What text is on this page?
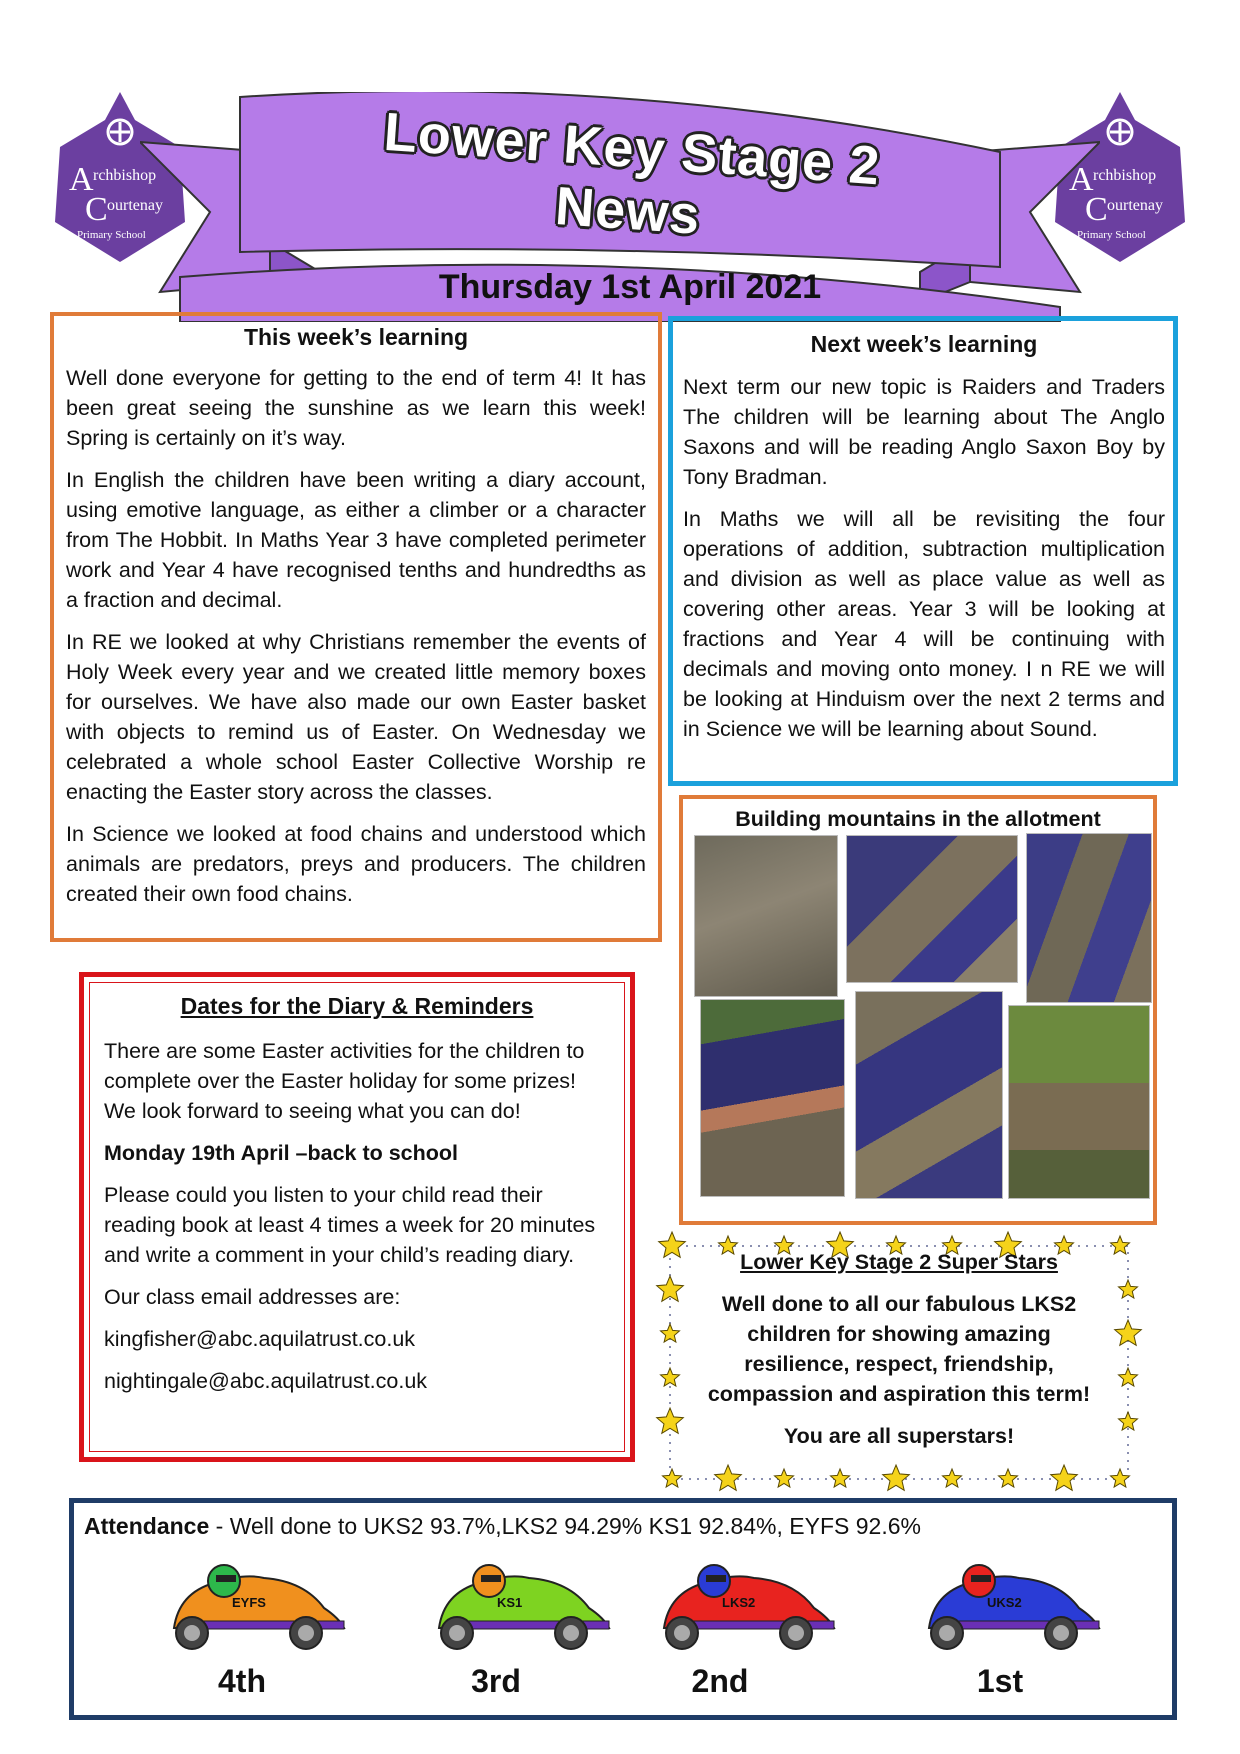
A rchbishop
C ourtenay
Primary School
A rchbishop
C ourtenay
Primary School
Lower Key Stage 2 News
Thursday 1st April 2021
This week’s learning

Well done everyone for getting to the end of term 4! It has been great seeing the sunshine as we learn this week! Spring is certainly on it’s way.

In English the children have been writing a diary account, using emotive language, as either a climber or a character from The Hobbit. In Maths Year 3 have completed perimeter work and Year 4 have recognised tenths and hundredths as a fraction and decimal.

In RE we looked at why Christians remember the events of Holy Week every year and we created little memory boxes for ourselves. We have also made our own Easter basket with objects to remind us of Easter. On Wednesday we celebrated a whole school Easter Collective Worship re enacting the Easter story across the classes.

In Science we looked at food chains and understood which animals are predators, preys and producers. The children created their own food chains.

Next week’s learning

Next term our new topic is Raiders and Traders The children will be learning about The Anglo Saxons and will be reading Anglo Saxon Boy by Tony Bradman.

In Maths we will all be revisiting the four operations of addition, subtraction multiplication and division as well as place value as well as covering other areas. Year 3 will be looking at fractions and Year 4 will be continuing with decimals and moving onto money. I n RE we will be looking at Hinduism over the next 2 terms and in Science we will be learning about Sound.

Building mountains in the allotment
Dates for the Diary & Reminders

There are some Easter activities for the children to complete over the Easter holiday for some prizes! We look forward to seeing what you can do!

Monday 19th April –back to school

Please could you listen to your child read their reading book at least 4 times a week for 20 minutes and write a comment in your child’s reading diary.

Our class email addresses are:

kingfisher@abc.aquilatrust.co.uk

nightingale@abc.aquilatrust.co.uk

Lower Key Stage 2 Super Stars
Well done to all our fabulous LKS2 children for showing amazing resilience, respect, friendship, compassion and aspiration this term!
You are all superstars!
Attendance - Well done to UKS2 93.7%,LKS2 94.29% KS1 92.84%, EYFS 92.6%
EYFS
4th
KS1
3rd
LKS2
2nd
UKS2
1st
